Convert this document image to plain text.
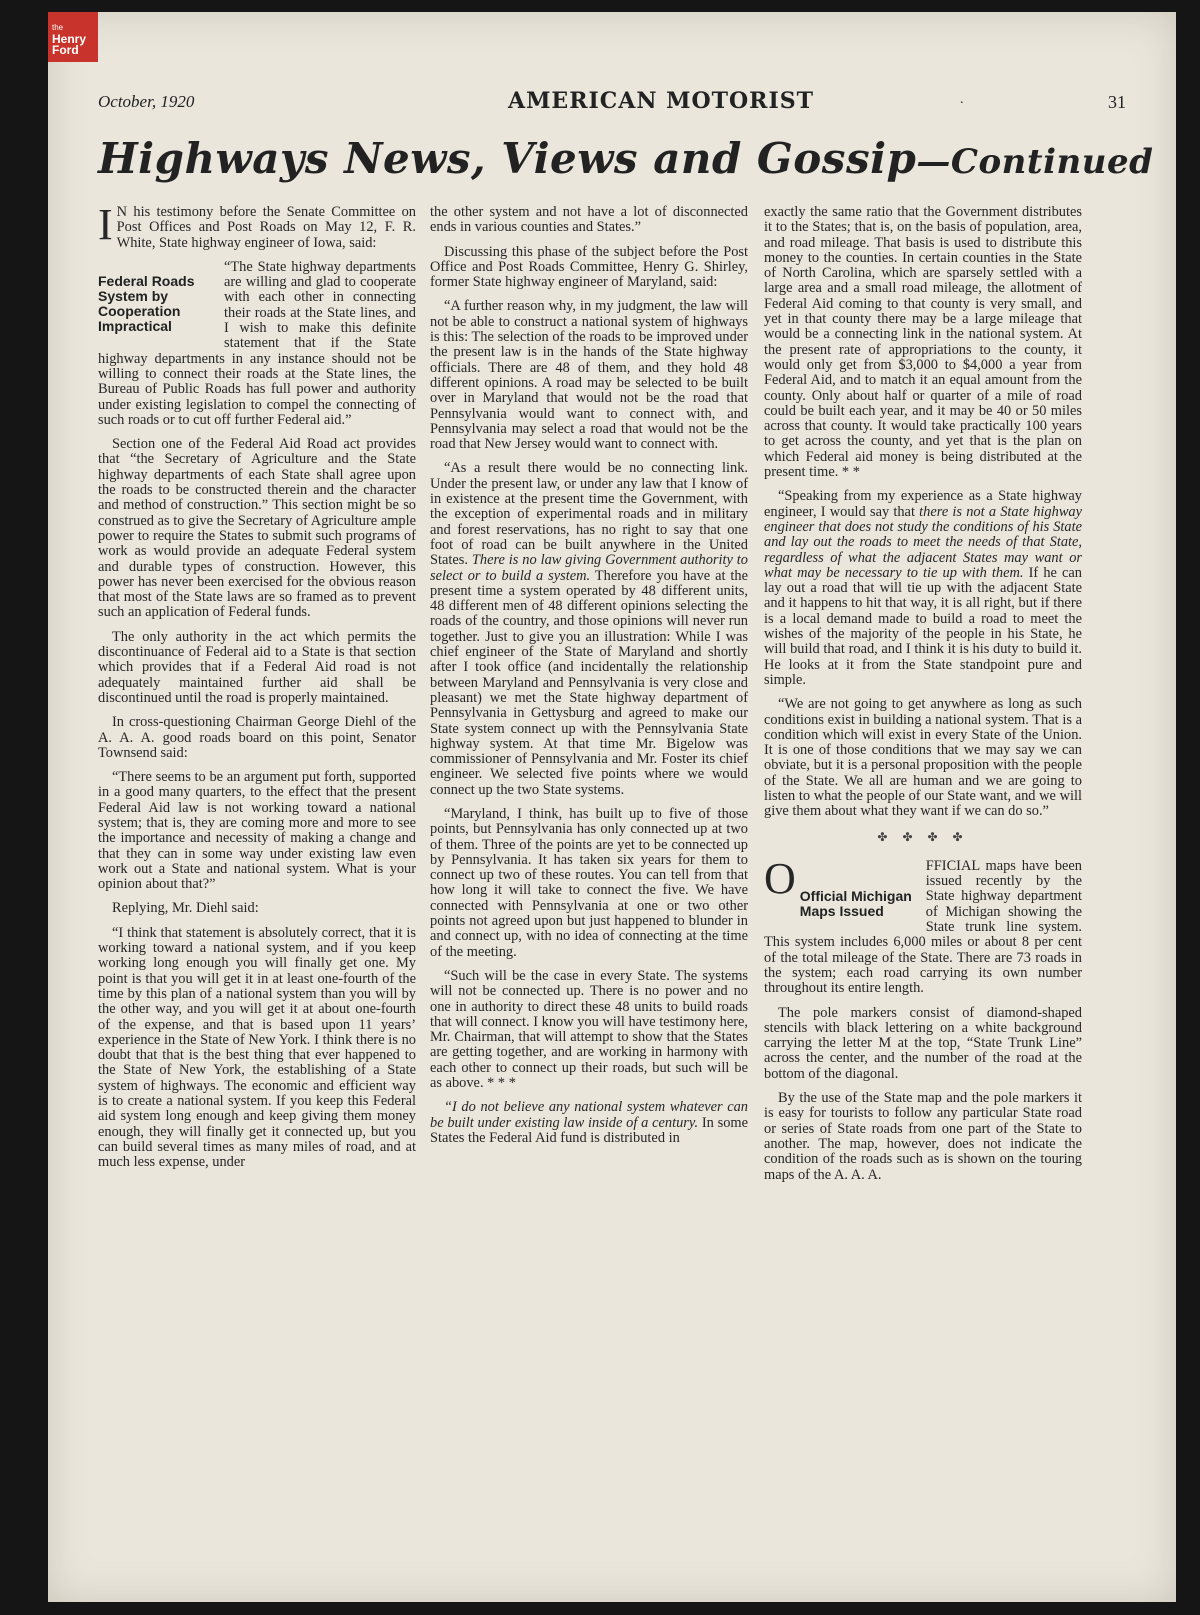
the
Henry
Ford
October, 1920	AMERICAN MOTORIST	.	31
Highways News, Views and Gossip—Continued

I N his testimony before the Senate Committee on Post Offices and Post Roads on May 12, F. R. White, State highway engineer of Iowa, said:

Federal Roads System by Cooperation Impractical

“The State highway departments are willing and glad to cooperate with each other in connecting their roads at the State lines, and I wish to make this definite statement that if the State highway departments in any instance should not be willing to connect their roads at the State lines, the Bureau of Public Roads has full power and authority under existing legislation to compel the connecting of such roads or to cut off further Federal aid.”

Section one of the Federal Aid Road act provides that “the Secretary of Agriculture and the State highway departments of each State shall agree upon the roads to be constructed therein and the character and method of construction.” This section might be so construed as to give the Secretary of Agriculture ample power to require the States to submit such programs of work as would provide an adequate Federal system and durable types of construction. However, this power has never been exercised for the obvious reason that most of the State laws are so framed as to prevent such an application of Federal funds.

The only authority in the act which permits the discontinuance of Federal aid to a State is that section which provides that if a Federal Aid road is not adequately maintained further aid shall be discontinued until the road is properly maintained.

In cross-questioning Chairman George Diehl of the A. A. A. good roads board on this point, Senator Townsend said:

“There seems to be an argument put forth, supported in a good many quarters, to the effect that the present Federal Aid law is not working toward a national system; that is, they are coming more and more to see the importance and necessity of making a change and that they can in some way under existing law even work out a State and national system. What is your opinion about that?”

Replying, Mr. Diehl said:

“I think that statement is absolutely correct, that it is working toward a national system, and if you keep working long enough you will finally get one. My point is that you will get it in at least one-fourth of the time by this plan of a national system than you will by the other way, and you will get it at about one-fourth of the expense, and that is based upon 11 years’ experience in the State of New York. I think there is no doubt that that is the best thing that ever happened to the State of New York, the establishing of a State system of highways. The economic and efficient way is to create a national system. If you keep this Federal aid system long enough and keep giving them money enough, they will finally get it connected up, but you can build several times as many miles of road, and at much less expense, under

the other system and not have a lot of disconnected ends in various counties and States.”

Discussing this phase of the subject before the Post Office and Post Roads Committee, Henry G. Shirley, former State highway engineer of Maryland, said:

“A further reason why, in my judgment, the law will not be able to construct a national system of highways is this: The selection of the roads to be improved under the present law is in the hands of the State highway officials. There are 48 of them, and they hold 48 different opinions. A road may be selected to be built over in Maryland that would not be the road that Pennsylvania would want to connect with, and Pennsylvania may select a road that would not be the road that New Jersey would want to connect with.

“As a result there would be no connecting link. Under the present law, or under any law that I know of in existence at the present time the Government, with the exception of experimental roads and in military and forest reservations, has no right to say that one foot of road can be built anywhere in the United States. There is no law giving Government authority to select or to build a system. Therefore you have at the present time a system operated by 48 different units, 48 different men of 48 different opinions selecting the roads of the country, and those opinions will never run together. Just to give you an illustration: While I was chief engineer of the State of Maryland and shortly after I took office (and incidentally the relationship between Maryland and Pennsylvania is very close and pleasant) we met the State highway department of Pennsylvania in Gettysburg and agreed to make our State system connect up with the Pennsylvania State highway system. At that time Mr. Bigelow was commissioner of Pennsylvania and Mr. Foster its chief engineer. We selected five points where we would connect up the two State systems.

“Maryland, I think, has built up to five of those points, but Pennsylvania has only connected up at two of them. Three of the points are yet to be connected up by Pennsylvania. It has taken six years for them to connect up two of these routes. You can tell from that how long it will take to connect the five. We have connected with Pennsylvania at one or two other points not agreed upon but just happened to blunder in and connect up, with no idea of connecting at the time of the meeting.

“Such will be the case in every State. The systems will not be connected up. There is no power and no one in authority to direct these 48 units to build roads that will connect. I know you will have testimony here, Mr. Chairman, that will attempt to show that the States are getting together, and are working in harmony with each other to connect up their roads, but such will be as above. * * *

“I do not believe any national system whatever can be built under existing law inside of a century. In some States the Federal Aid fund is distributed in

exactly the same ratio that the Government distributes it to the States; that is, on the basis of population, area, and road mileage. That basis is used to distribute this money to the counties. In certain counties in the State of North Carolina, which are sparsely settled with a large area and a small road mileage, the allotment of Federal Aid coming to that county is very small, and yet in that county there may be a large mileage that would be a connecting link in the national system. At the present rate of appropriations to the county, it would only get from $3,000 to $4,000 a year from Federal Aid, and to match it an equal amount from the county. Only about half or quarter of a mile of road could be built each year, and it may be 40 or 50 miles across that county. It would take practically 100 years to get across the county, and yet that is the plan on which Federal aid money is being distributed at the present time. * *

“Speaking from my experience as a State highway engineer, I would say that there is not a State highway engineer that does not study the conditions of his State and lay out the roads to meet the needs of that State, regardless of what the adjacent States may want or what may be necessary to tie up with them. If he can lay out a road that will tie up with the adjacent State and it happens to hit that way, it is all right, but if there is a local demand made to build a road to meet the wishes of the majority of the people in his State, he will build that road, and I think it is his duty to build it. He looks at it from the State standpoint pure and simple.

“We are not going to get anywhere as long as such conditions exist in building a national system. That is a condition which will exist in every State of the Union. It is one of those conditions that we may say we can obviate, but it is a personal proposition with the people of the State. We all are human and we are going to listen to what the people of our State want, and we will give them about what they want if we can do so.”

✤ ✤ ✤ ✤

O Official Michigan Maps Issued
FFICIAL maps have been issued recently by the State highway department of Michigan showing the State trunk line system. This system includes 6,000 miles or about 8 per cent of the total mileage of the State. There are 73 roads in the system; each road carrying its own number throughout its entire length.

The pole markers consist of diamond-shaped stencils with black lettering on a white background carrying the letter M at the top, “State Trunk Line” across the center, and the number of the road at the bottom of the diagonal.

By the use of the State map and the pole markers it is easy for tourists to follow any particular State road or series of State roads from one part of the State to another. The map, however, does not indicate the condition of the roads such as is shown on the touring maps of the A. A. A.
